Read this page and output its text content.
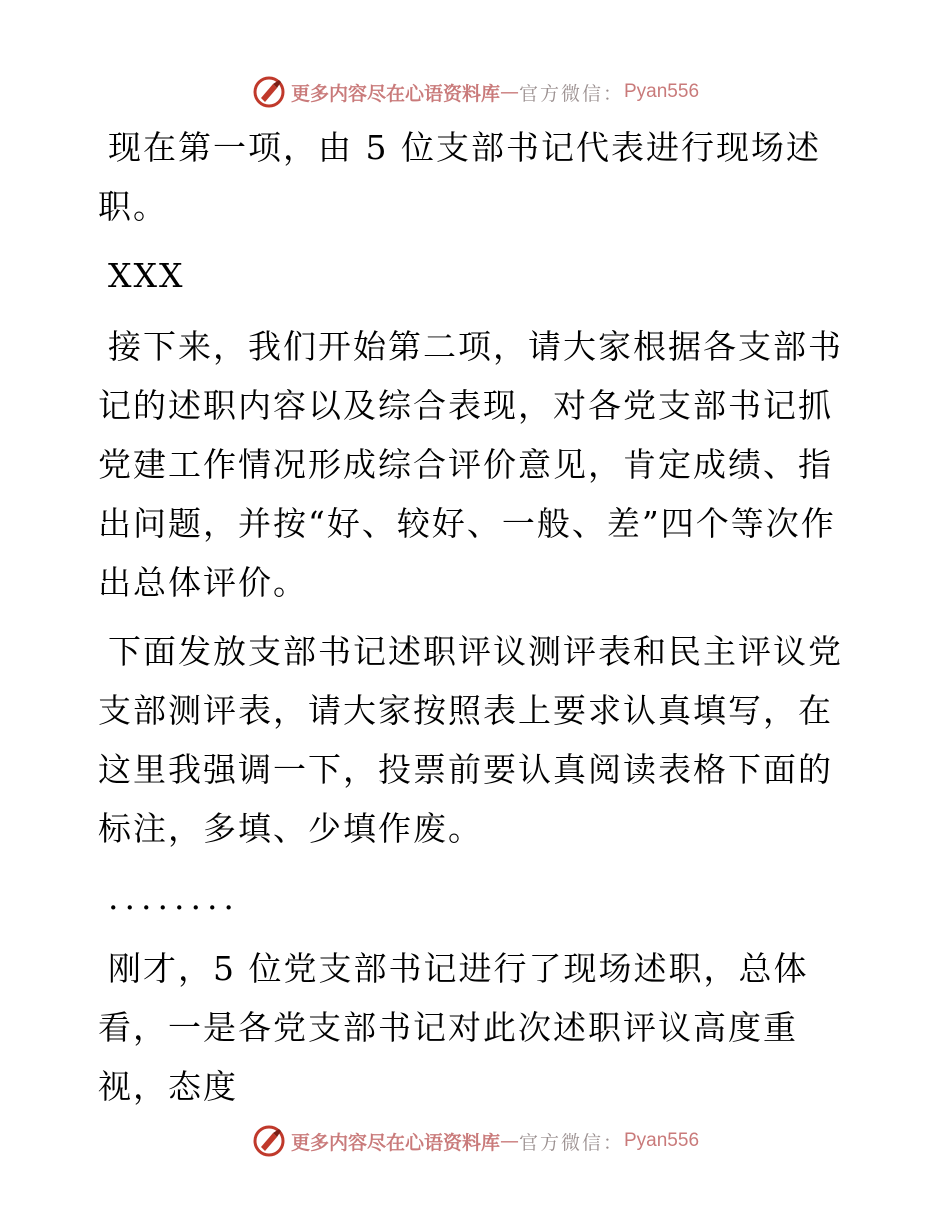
更多内容尽在心语资料库 — 官方微信： Pyan556

现在第一项，由 5 位支部书记代表进行现场述职。

XXX

接下来，我们开始第二项，请大家根据各支部书记的述职内容以及综合表现，对各党支部书记抓党建工作情况形成综合评价意见，肯定成绩、指出问题，并按“好、较好、一般、差”四个等次作出总体评价。

下面发放支部书记述职评议测评表和民主评议党支部测评表，请大家按照表上要求认真填写，在这里我强调一下，投票前要认真阅读表格下面的标注，多填、少填作废。

........

刚才，5 位党支部书记进行了现场述职，总体看，一是各党支部书记对此次述职评议高度重视，态度

更多内容尽在心语资料库 — 官方微信： Pyan556
